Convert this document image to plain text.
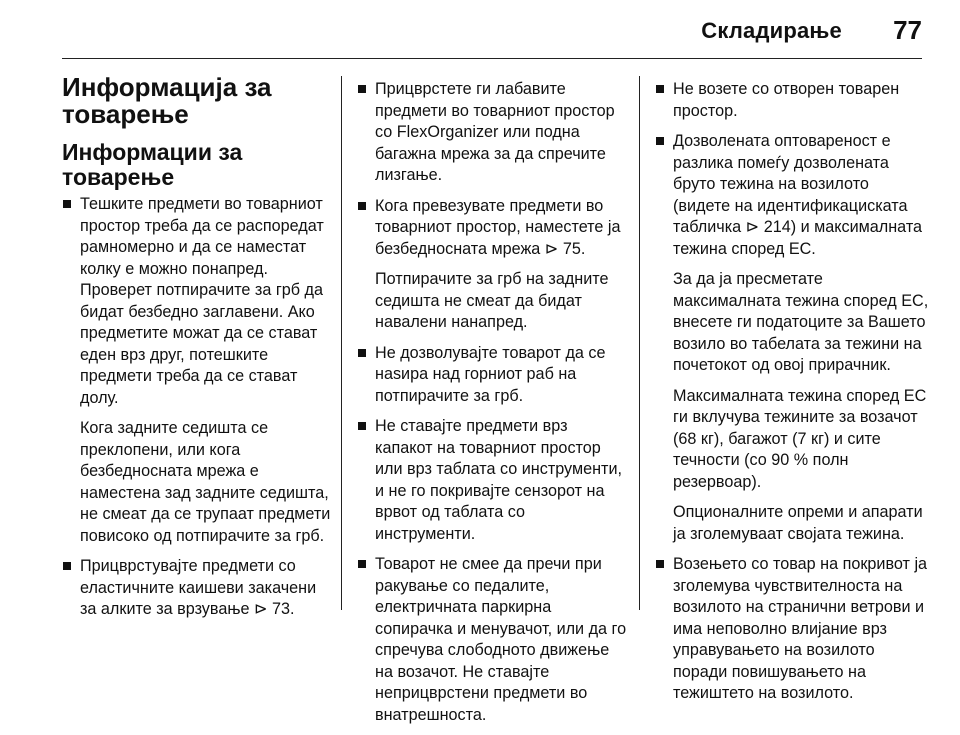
Складирање 77
Информација за товарење
Информации за товарење

Тешките предмети во товарниот простор треба да се распоредат рамномерно и да се наместат колку е можно понапред. Проверет потпирачите за грб да бидат безбедно заглавени. Ако предметите можат да се стават еден врз друг, потешките предмети треба да се стават долу.

Кога задните седишта се преклопени, или кога безбедносната мрежа е наместена зад задните седишта, не смеат да се трупаат предмети повисоко од потпирачите за грб.

Прицврстувајте предмети со еластичните каишеви закачени за алките за врзување ⊳ 73.

Прицврстете ги лабавите предмети во товарниот простор со FlexOrganizer или подна багажна мрежа за да спречите лизгање.

Кога превезувате предмети во товарниот простор, наместете ја безбедносната мрежа ⊳ 75.

Потпирачите за грб на задните седишта не смеат да бидат навалени нанапред.

Не дозволувајте товарот да се наѕира над горниот раб на потпирачите за грб.

Не ставајте предмети врз капакот на товарниот простор или врз таблата со инструменти, и не го покривајте сензорот на врвот од таблата со инструменти.

Товарот не смее да пречи при ракување со педалите, електричната паркирна сопирачка и менувачот, или да го спречува слободното движење на возачот. Не ставајте неприцврстени предмети во внатрешноста.

Не возете со отворен товарен простор.

Дозволената оптовареност е разлика помеѓу дозволената бруто тежина на возилото (видете на идентификациската табличка ⊳ 214) и максималната тежина според ЕС.

За да ја пресметате максималната тежина според ЕС, внесете ги податоците за Вашето возило во табелата за тежини на почетокот од овој прирачник.

Максималната тежина според ЕС ги вклучува тежините за возачот (68 кг), багажот (7 кг) и сите течности (со 90 % полн резервоар).

Опционалните опреми и апарати ја зголемуваат својата тежина.

Возењето со товар на покривот ја зголемува чувствителноста на возилото на странични ветрови и има неповолно влијание врз управувањето на возилото поради повишувањето на тежиштето на возилото.
